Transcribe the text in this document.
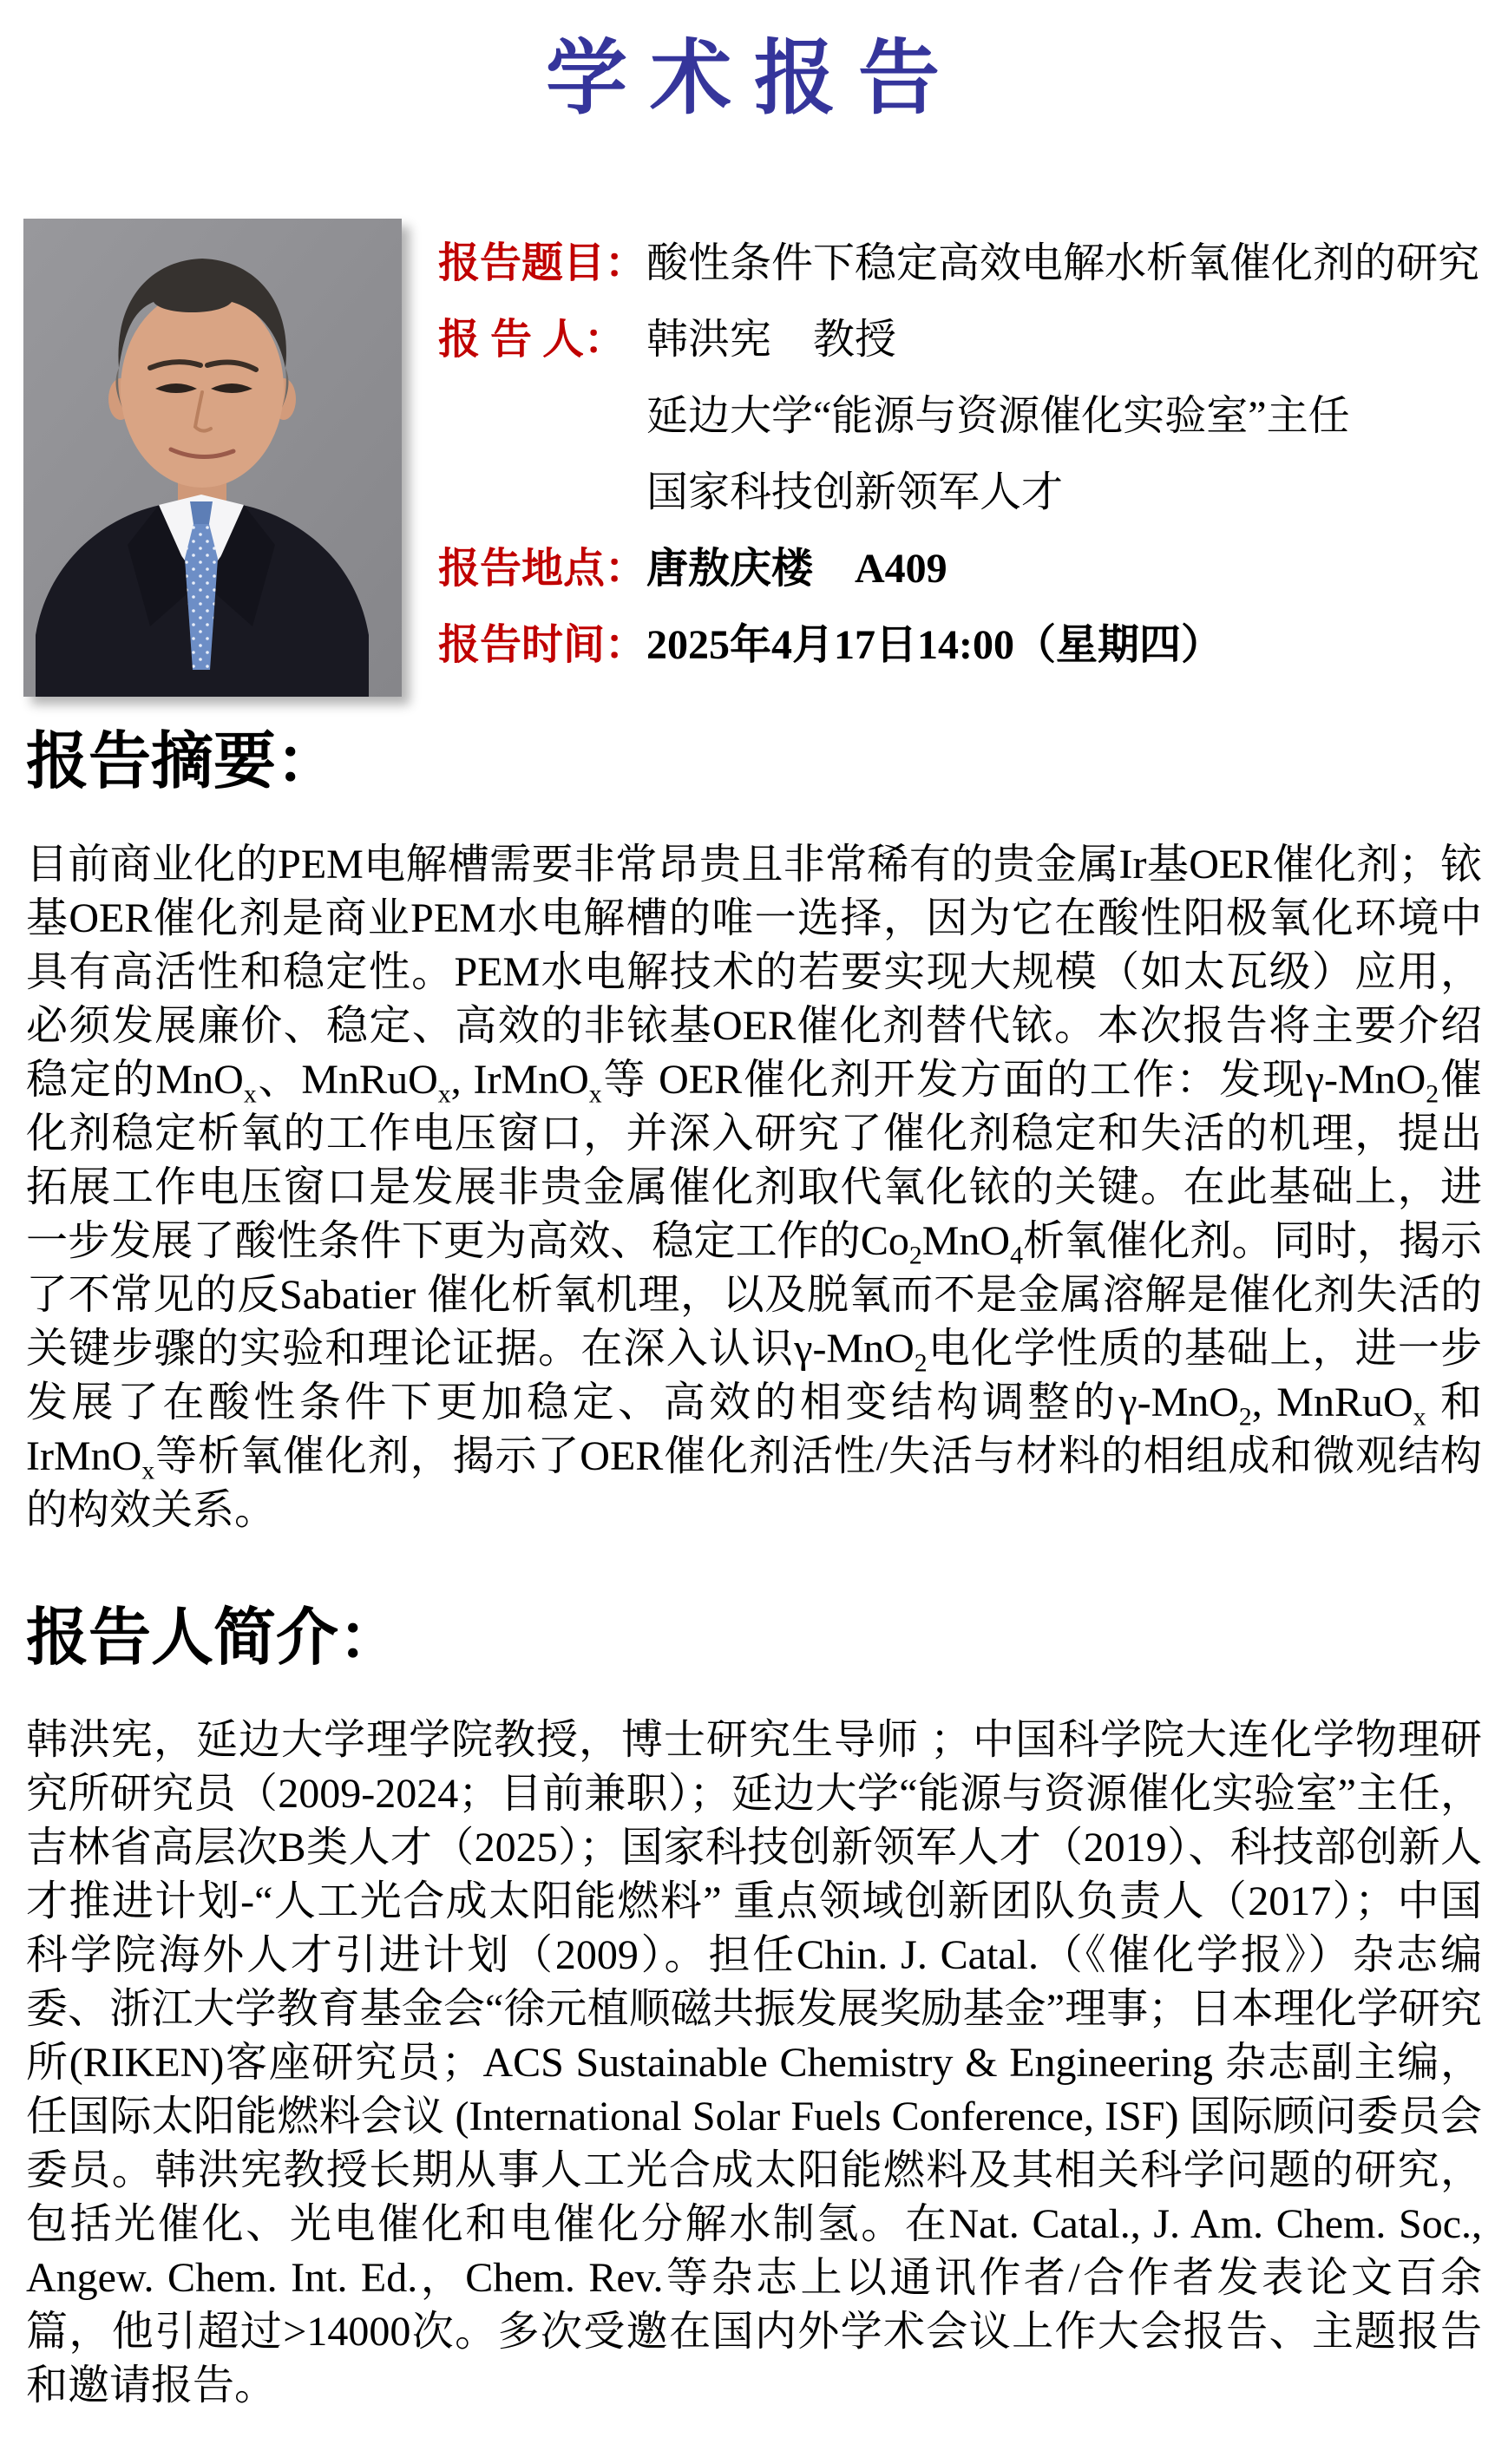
学术报告
报告题目： 酸性条件下稳定高效电解水析氧催化剂的研究
报 告 人： 韩洪宪　教授
延边大学“能源与资源催化实验室”主任
国家科技创新领军人才
报告地点： 唐敖庆楼　A409
报告时间： 2025年4月17日14:00（星期四）
报告摘要：

目前商业化的PEM电解槽需要非常昂贵且非常稀有的贵金属Ir基OER催化剂；铱基OER催化剂是商业PEM水电解槽的唯一选择，因为它在酸性阳极氧化环境中具有高活性和稳定性。PEM水电解技术的若要实现大规模（如太瓦级）应用，必须发展廉价、稳定、高效的非铱基OER催化剂替代铱。本次报告将主要介绍稳定的MnO$_x$、MnRuO$_x$, IrMnO$_x$等 OER催化剂开发方面的工作：发现γ-MnO$_2$催化剂稳定析氧的工作电压窗口，并深入研究了催化剂稳定和失活的机理，提出拓展工作电压窗口是发展非贵金属催化剂取代氧化铱的关键。在此基础上，进一步发展了酸性条件下更为高效、稳定工作的$Co_2MnO_4$析氧催化剂。同时，揭示了不常见的反Sabatier 催化析氧机理，以及脱氧而不是金属溶解是催化剂失活的关键步骤的实验和理论证据。在深入认识γ-MnO$_2$电化学性质的基础上，进一步发展了在酸性条件下更加稳定、高效的相变结构调整的γ-MnO$_2$, MnRuO$_x$ 和 IrMnO$_x$等析氧催化剂，揭示了OER催化剂活性/失活与材料的相组成和微观结构的构效关系。

报告人简介：

韩洪宪，延边大学理学院教授，博士研究生导师 ；中国科学院大连化学物理研究所研究员（2009-2024；目前兼职）；延边大学“能源与资源催化实验室”主任，吉林省高层次B类人才（2025）；国家科技创新领军人才（2019）、科技部创新人才推进计划-“人工光合成太阳能燃料” 重点领域创新团队负责人（2017）；中国科学院海外人才引进计划（2009）。担任Chin. J. Catal.（《催化学报》）杂志编委、浙江大学教育基金会“徐元植顺磁共振发展奖励基金”理事；日本理化学研究所(RIKEN)客座研究员；ACS Sustainable Chemistry & Engineering 杂志副主编，任国际太阳能燃料会议 (International Solar Fuels Conference, ISF) 国际顾问委员会委员。韩洪宪教授长期从事人工光合成太阳能燃料及其相关科学问题的研究，包括光催化、光电催化和电催化分解水制氢。在Nat. Catal., J. Am. Chem. Soc., Angew. Chem. Int. Ed.，Chem. Rev.等杂志上以通讯作者/合作者发表论文百余篇，他引超过>14000次。多次受邀在国内外学术会议上作大会报告、主题报告和邀请报告。
